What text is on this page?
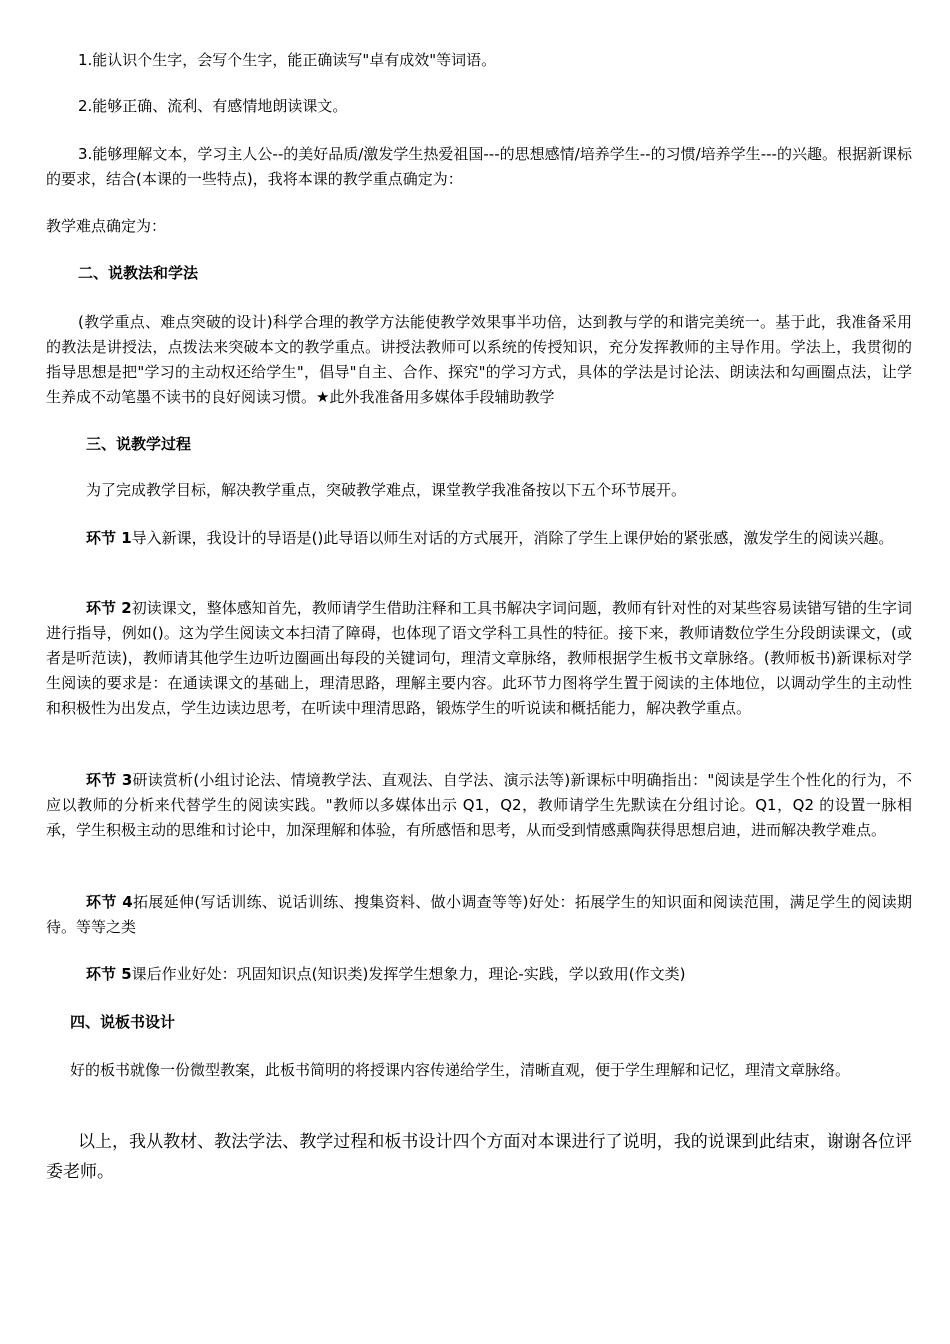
1.能认识个生字，会写个生字，能正确读写"卓有成效"等词语。
2.能够正确、流利、有感情地朗读课文。
3.能够理解文本，学习主人公--的美好品质/激发学生热爱祖国---的思想感情/培养学生--的习惯/培养学生---的兴趣。根据新课标的要求，结合(本课的一些特点)，我将本课的教学重点确定为：
教学难点确定为：
二、说教法和学法
(教学重点、难点突破的设计)科学合理的教学方法能使教学效果事半功倍，达到教与学的和谐完美统一。基于此，我准备采用的教法是讲授法，点拨法来突破本文的教学重点。讲授法教师可以系统的传授知识，充分发挥教师的主导作用。学法上，我贯彻的指导思想是把"学习的主动权还给学生"，倡导"自主、合作、探究"的学习方式，具体的学法是讨论法、朗读法和勾画圈点法，让学生养成不动笔墨不读书的良好阅读习惯。★此外我准备用多媒体手段辅助教学
三、说教学过程
为了完成教学目标，解决教学重点，突破教学难点，课堂教学我准备按以下五个环节展开。
环节 1导入新课，我设计的导语是()此导语以师生对话的方式展开，消除了学生上课伊始的紧张感，激发学生的阅读兴趣。
环节 2初读课文，整体感知首先，教师请学生借助注释和工具书解决字词问题，教师有针对性的对某些容易读错写错的生字词进行指导，例如()。这为学生阅读文本扫清了障碍，也体现了语文学科工具性的特征。接下来，教师请数位学生分段朗读课文，(或者是听范读)，教师请其他学生边听边圈画出每段的关键词句，理清文章脉络，教师根据学生板书文章脉络。(教师板书)新课标对学生阅读的要求是：在通读课文的基础上，理清思路，理解主要内容。此环节力图将学生置于阅读的主体地位，以调动学生的主动性和积极性为出发点，学生边读边思考，在听读中理清思路，锻炼学生的听说读和概括能力，解决教学重点。
环节 3研读赏析(小组讨论法、情境教学法、直观法、自学法、演示法等)新课标中明确指出："阅读是学生个性化的行为，不应以教师的分析来代替学生的阅读实践。"教师以多媒体出示 Q1，Q2，教师请学生先默读在分组讨论。Q1，Q2 的设置一脉相承，学生积极主动的思维和讨论中，加深理解和体验，有所感悟和思考，从而受到情感熏陶获得思想启迪，进而解决教学难点。
环节 4拓展延伸(写话训练、说话训练、搜集资料、做小调查等等)好处：拓展学生的知识面和阅读范围，满足学生的阅读期待。等等之类
环节 5课后作业好处：巩固知识点(知识类)发挥学生想象力，理论-实践，学以致用(作文类)
四、说板书设计
好的板书就像一份微型教案，此板书简明的将授课内容传递给学生，清晰直观，便于学生理解和记忆，理清文章脉络。
以上，我从教材、教法学法、教学过程和板书设计四个方面对本课进行了说明，我的说课到此结束，谢谢各位评委老师。
